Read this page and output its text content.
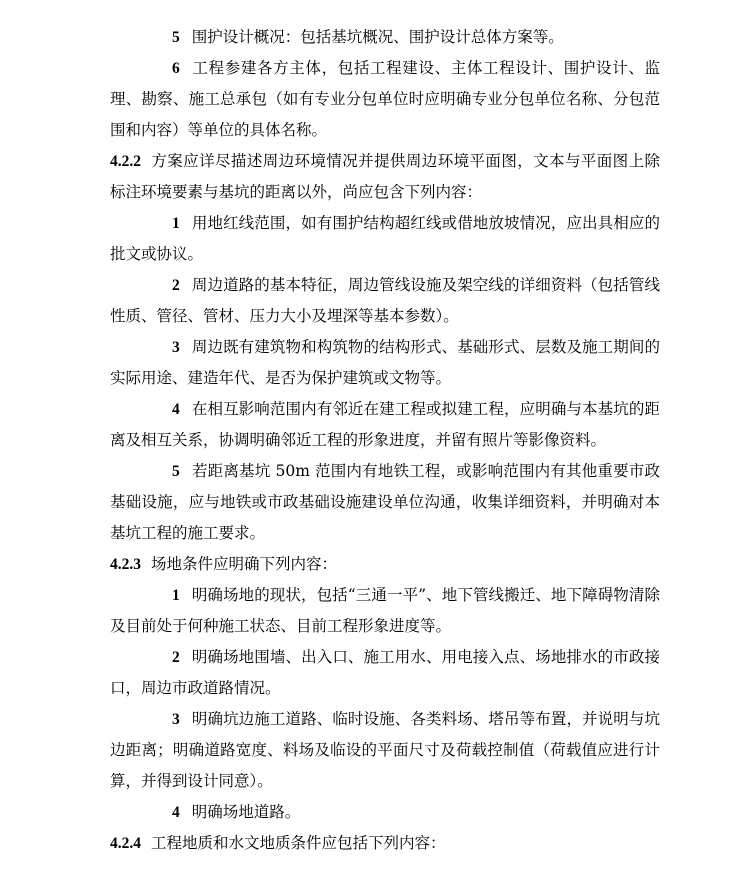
5 围护设计概况：包括基坑概况、围护设计总体方案等。

6 工程参建各方主体，包括工程建设、主体工程设计、围护设计、监理、勘察、施工总承包（如有专业分包单位时应明确专业分包单位名称、分包范围和内容）等单位的具体名称。

4.2.2 方案应详尽描述周边环境情况并提供周边环境平面图，文本与平面图上除标注环境要素与基坑的距离以外，尚应包含下列内容：

1 用地红线范围，如有围护结构超红线或借地放坡情况，应出具相应的批文或协议。

2 周边道路的基本特征，周边管线设施及架空线的详细资料（包括管线性质、管径、管材、压力大小及埋深等基本参数）。

3 周边既有建筑物和构筑物的结构形式、基础形式、层数及施工期间的实际用途、建造年代、是否为保护建筑或文物等。

4 在相互影响范围内有邻近在建工程或拟建工程，应明确与本基坑的距离及相互关系，协调明确邻近工程的形象进度，并留有照片等影像资料。

5 若距离基坑 50m 范围内有地铁工程，或影响范围内有其他重要市政基础设施，应与地铁或市政基础设施建设单位沟通，收集详细资料，并明确对本基坑工程的施工要求。

4.2.3 场地条件应明确下列内容：

1 明确场地的现状，包括“三通一平”、地下管线搬迁、地下障碍物清除及目前处于何种施工状态、目前工程形象进度等。

2 明确场地围墙、出入口、施工用水、用电接入点、场地排水的市政接口，周边市政道路情况。

3 明确坑边施工道路、临时设施、各类料场、塔吊等布置，并说明与坑边距离；明确道路宽度、料场及临设的平面尺寸及荷载控制值（荷载值应进行计算，并得到设计同意）。

4 明确场地道路。

4.2.4 工程地质和水文地质条件应包括下列内容：
